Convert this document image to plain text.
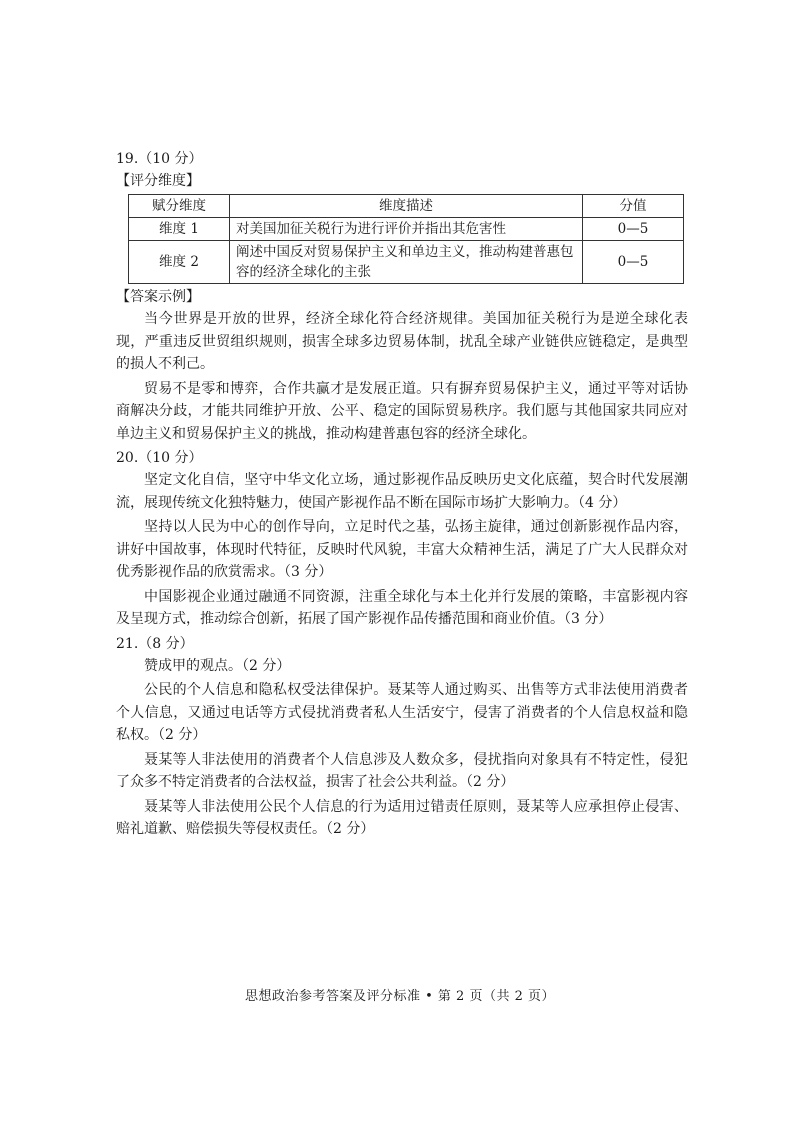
19.（10 分）
【评分维度】
赋分维度	维度描述	分值
维度 1	对美国加征关税行为进行评价并指出其危害性	0—5
维度 2	阐述中国反对贸易保护主义和单边主义，推动构建普惠包容的经济全球化的主张	0—5
【答案示例】

当今世界是开放的世界，经济全球化符合经济规律。美国加征关税行为是逆全球化表现，严重违反世贸组织规则，损害全球多边贸易体制，扰乱全球产业链供应链稳定，是典型的损人不利己。

贸易不是零和博弈，合作共赢才是发展正道。只有摒弃贸易保护主义，通过平等对话协商解决分歧，才能共同维护开放、公平、稳定的国际贸易秩序。我们愿与其他国家共同应对单边主义和贸易保护主义的挑战，推动构建普惠包容的经济全球化。

20.（10 分）

坚定文化自信，坚守中华文化立场，通过影视作品反映历史文化底蕴，契合时代发展潮流，展现传统文化独特魅力，使国产影视作品不断在国际市场扩大影响力。（4 分）

坚持以人民为中心的创作导向，立足时代之基，弘扬主旋律，通过创新影视作品内容，讲好中国故事，体现时代特征，反映时代风貌，丰富大众精神生活，满足了广大人民群众对优秀影视作品的欣赏需求。（3 分）

中国影视企业通过融通不同资源，注重全球化与本土化并行发展的策略，丰富影视内容及呈现方式，推动综合创新，拓展了国产影视作品传播范围和商业价值。（3 分）

21.（8 分）

赞成甲的观点。（2 分）

公民的个人信息和隐私权受法律保护。聂某等人通过购买、出售等方式非法使用消费者个人信息，又通过电话等方式侵扰消费者私人生活安宁，侵害了消费者的个人信息权益和隐私权。（2 分）

聂某等人非法使用的消费者个人信息涉及人数众多，侵扰指向对象具有不特定性，侵犯了众多不特定消费者的合法权益，损害了社会公共利益。（2 分）

聂某等人非法使用公民个人信息的行为适用过错责任原则，聂某等人应承担停止侵害、赔礼道歉、赔偿损失等侵权责任。（2 分）

思想政治参考答案及评分标准 • 第 2 页（共 2 页）
